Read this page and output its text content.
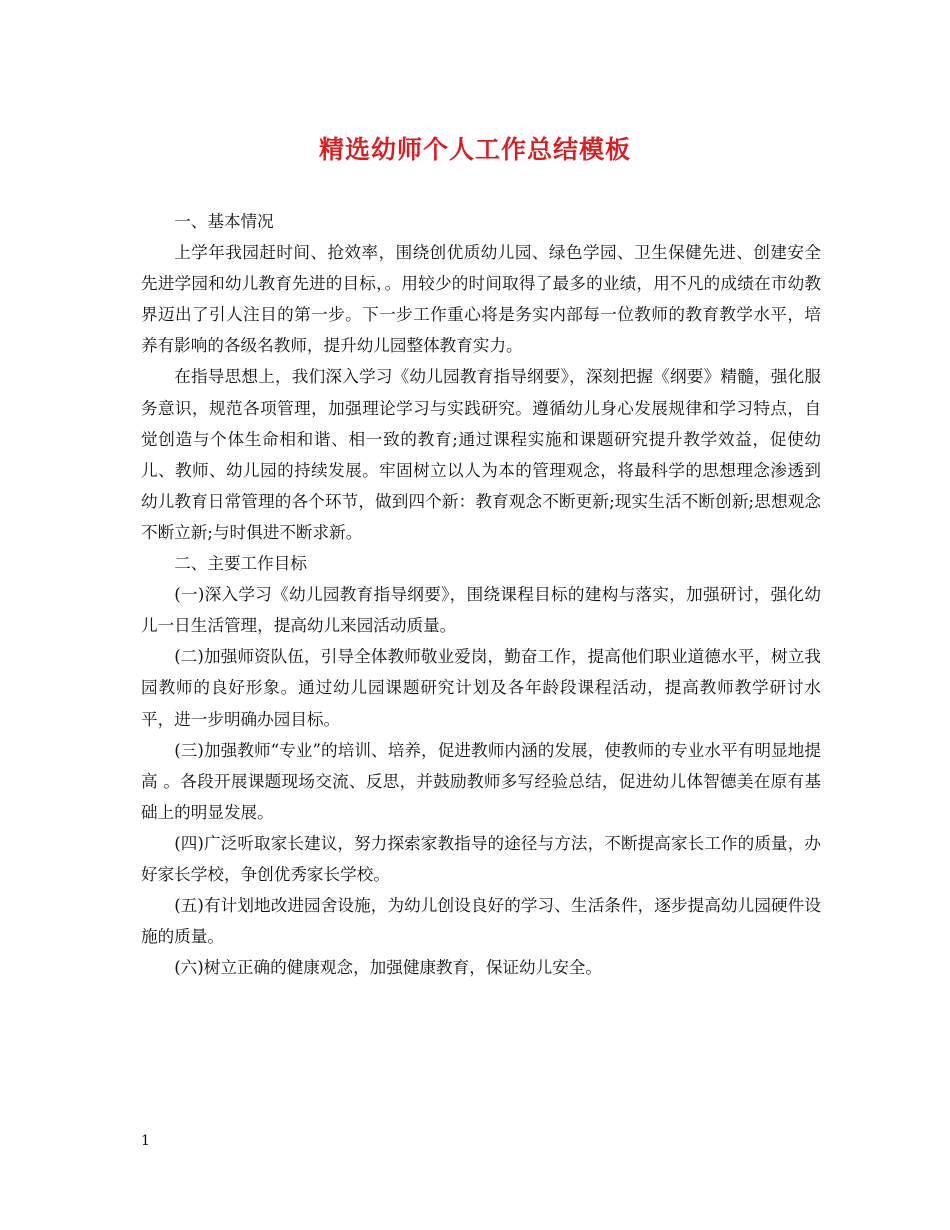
精选幼师个人工作总结模板

一、基本情况

上学年我园赶时间、抢效率，围绕创优质幼儿园、绿色学园、卫生保健先进、创建安全先进学园和幼儿教育先进的目标，。用较少的时间取得了最多的业绩，用不凡的成绩在市幼教界迈出了引人注目的第一步。下一步工作重心将是务实内部每一位教师的教育教学水平，培养有影响的各级名教师，提升幼儿园整体教育实力。

在指导思想上，我们深入学习《幼儿园教育指导纲要》，深刻把握《纲要》精髓，强化服务意识，规范各项管理，加强理论学习与实践研究。遵循幼儿身心发展规律和学习特点，自觉创造与个体生命相和谐、相一致的教育;通过课程实施和课题研究提升教学效益，促使幼儿、教师、幼儿园的持续发展。牢固树立以人为本的管理观念，将最科学的思想理念渗透到幼儿教育日常管理的各个环节，做到四个新：教育观念不断更新;现实生活不断创新;思想观念不断立新;与时俱进不断求新。

二、主要工作目标

(一)深入学习《幼儿园教育指导纲要》，围绕课程目标的建构与落实，加强研讨，强化幼儿一日生活管理，提高幼儿来园活动质量。

(二)加强师资队伍，引导全体教师敬业爱岗，勤奋工作，提高他们职业道德水平，树立我园教师的良好形象。通过幼儿园课题研究计划及各年龄段课程活动，提高教师教学研讨水平，进一步明确办园目标。

(三)加强教师“专业”的培训、培养，促进教师内涵的发展，使教师的专业水平有明显地提高 。各段开展课题现场交流、反思，并鼓励教师多写经验总结，促进幼儿体智德美在原有基础上的明显发展。

(四)广泛听取家长建议，努力探索家教指导的途径与方法，不断提高家长工作的质量，办好家长学校，争创优秀家长学校。

(五)有计划地改进园舍设施，为幼儿创设良好的学习、生活条件，逐步提高幼儿园硬件设施的质量。

(六)树立正确的健康观念，加强健康教育，保证幼儿安全。

1
